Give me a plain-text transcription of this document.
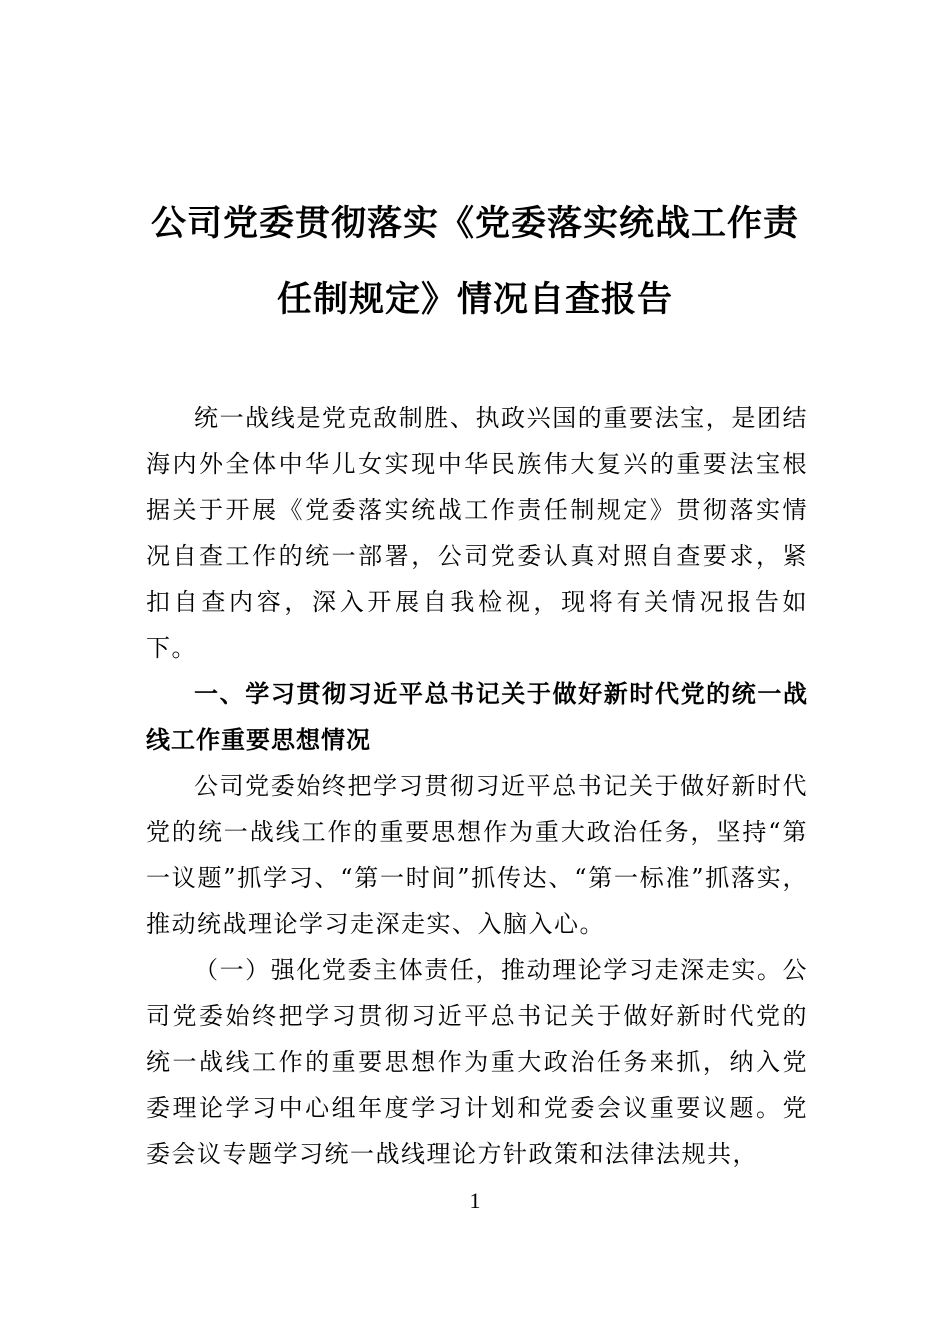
公司党委贯彻落实《党委落实统战工作责
任制规定》情况自查报告

统一战线是党克敌制胜、执政兴国的重要法宝，是团结海内外全体中华儿女实现中华民族伟大复兴的重要法宝根据关于开展《党委落实统战工作责任制规定》贯彻落实情况自查工作的统一部署，公司党委认真对照自查要求，紧扣自查内容，深入开展自我检视，现将有关情况报告如下。

一、学习贯彻习近平总书记关于做好新时代党的统一战线工作重要思想情况

公司党委始终把学习贯彻习近平总书记关于做好新时代党的统一战线工作的重要思想作为重大政治任务，坚持“第一议题”抓学习、“第一时间”抓传达、“第一标准”抓落实，推动统战理论学习走深走实、入脑入心。

（一）强化党委主体责任，推动理论学习走深走实。公司党委始终把学习贯彻习近平总书记关于做好新时代党的统一战线工作的重要思想作为重大政治任务来抓，纳入党委理论学习中心组年度学习计划和党委会议重要议题。党委会议专题学习统一战线理论方针政策和法律法规共，

1
